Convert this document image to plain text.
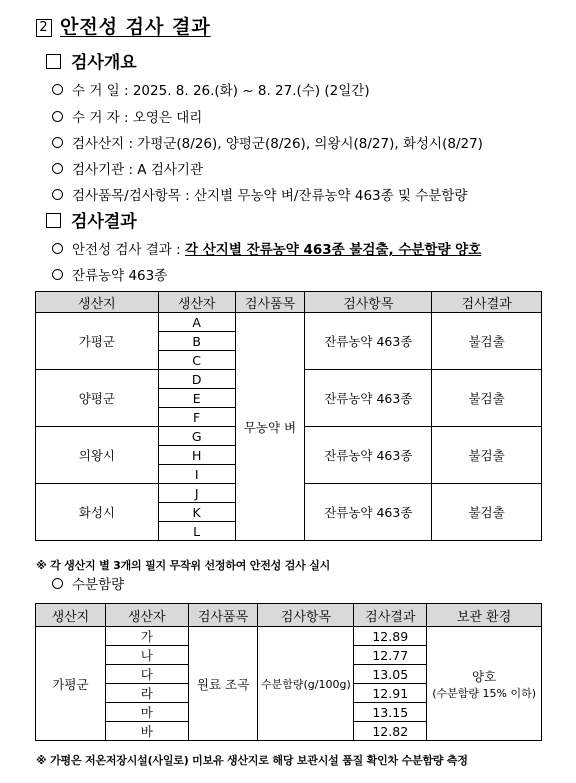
2 안전성 검사 결과
검사개요
수 거 일 : 2025. 8. 26.(화) ~ 8. 27.(수) (2일간)
수 거 자 : 오영은 대리
검사산지 : 가평군(8/26), 양평군(8/26), 의왕시(8/27), 화성시(8/27)
검사기관 : A 검사기관
검사품목/검사항목 : 산지별 무농약 벼/잔류농약 463종 및 수분함량
검사결과
안전성 검사 결과 : 각 산지별 잔류농약 463종 불검출, 수분함량 양호
잔류농약 463종
생산지	생산자	검사품목	검사항목	검사결과
가평군	A	무농약 벼	잔류농약 463종	불검출
	B			
	C			
양평군	D		잔류농약 463종	불검출
	E			
	F			
의왕시	G		잔류농약 463종	불검출
	H			
	I			
화성시	J		잔류농약 463종	불검출
	K			
	L			
※ 각 생산지 별 3개의 필지 무작위 선정하여 안전성 검사 실시
수분함량
생산지	생산자	검사품목	검사항목	검사결과	보관 환경
가평군	가	원료 조곡	수분함량(g/100g)	12.89	양호
(수분함량 15% 이하)

	나			12.77	
	다			13.05	
	라			12.91	
	마			13.15	
	바			12.82	
※ 가평은 저온저장시설(사일로) 미보유 생산지로 해당 보관시설 품질 확인차 수분함량 측정
